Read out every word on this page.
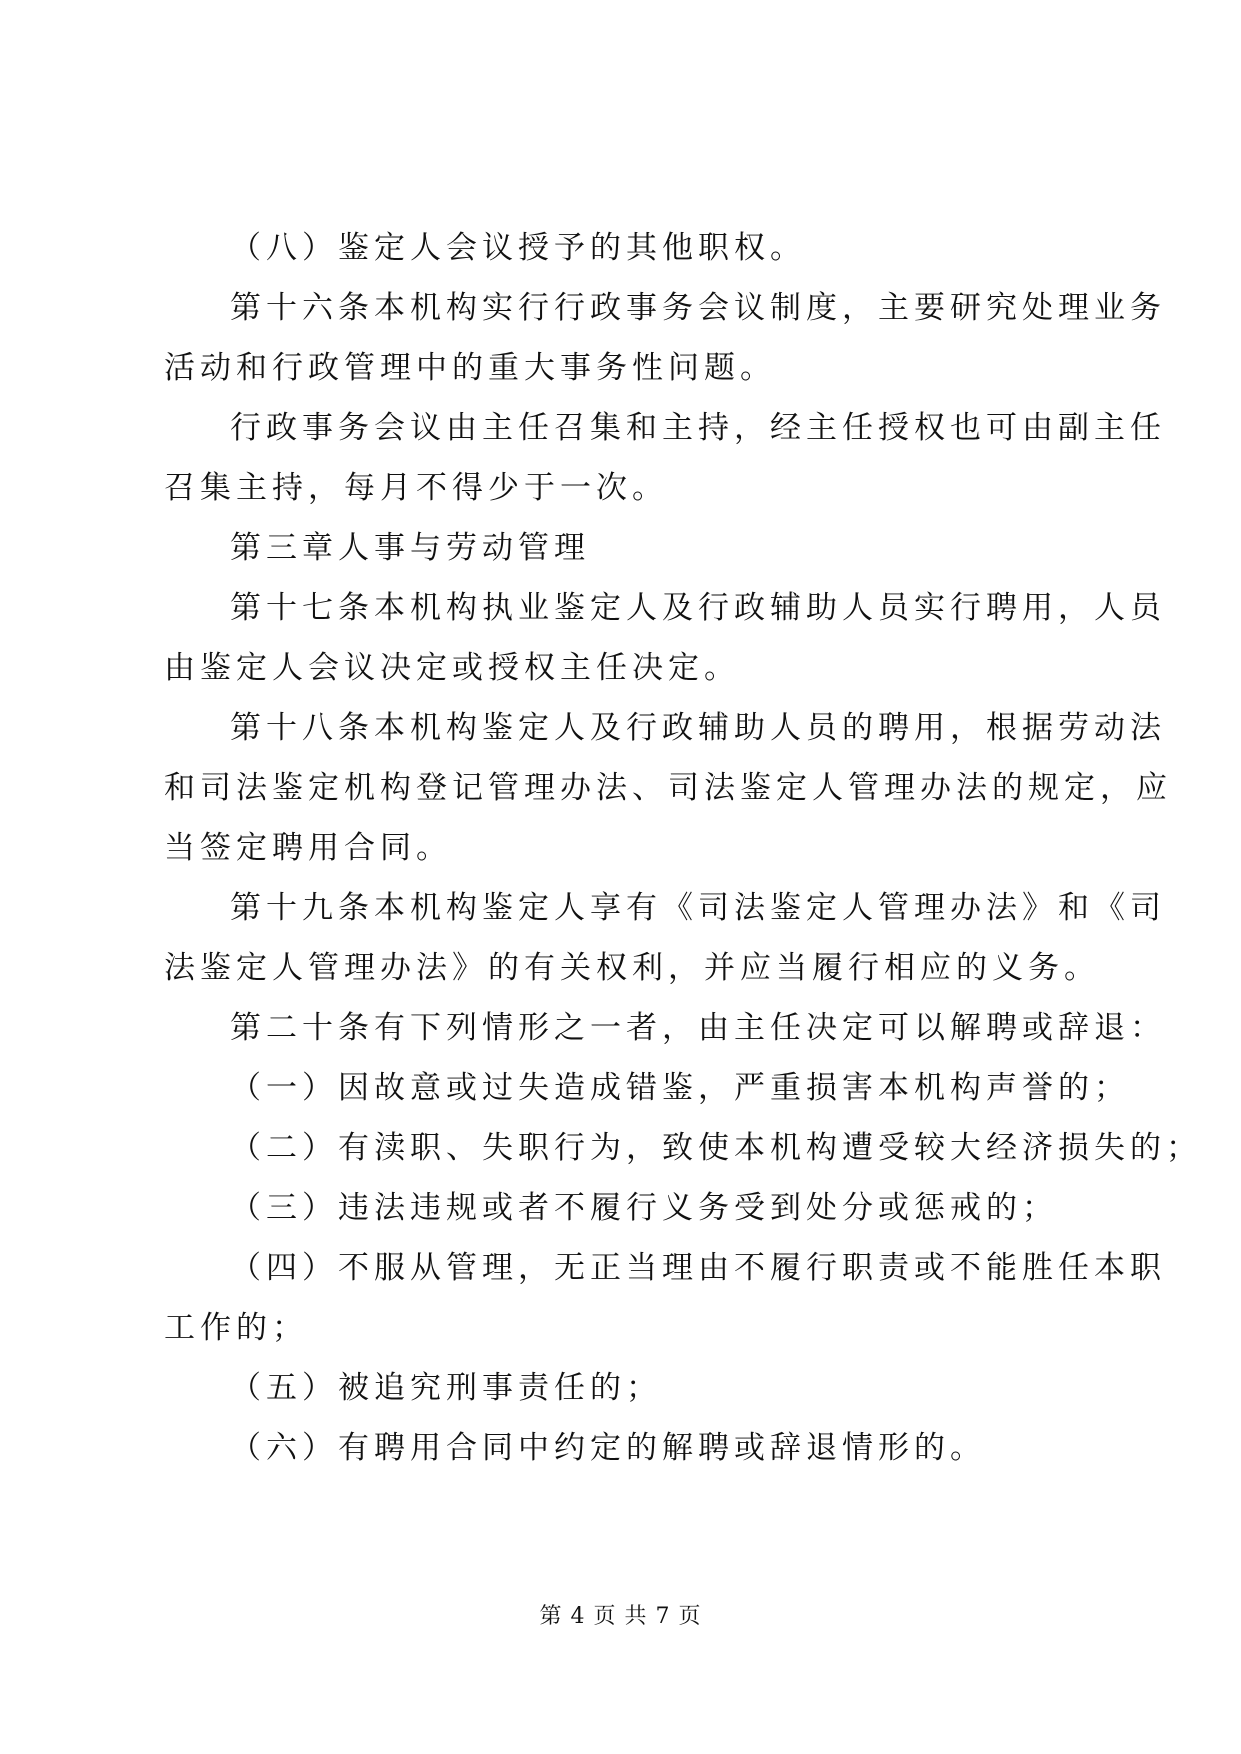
（八）鉴定人会议授予的其他职权。
第十六条本机构实行行政事务会议制度，主要研究处理业务
活动和行政管理中的重大事务性问题。
行政事务会议由主任召集和主持，经主任授权也可由副主任
召集主持，每月不得少于一次。
第三章人事与劳动管理
第十七条本机构执业鉴定人及行政辅助人员实行聘用，人员
由鉴定人会议决定或授权主任决定。
第十八条本机构鉴定人及行政辅助人员的聘用，根据劳动法
和司法鉴定机构登记管理办法、司法鉴定人管理办法的规定，应
当签定聘用合同。
第十九条本机构鉴定人享有《司法鉴定人管理办法》和《司
法鉴定人管理办法》的有关权利，并应当履行相应的义务。
第二十条有下列情形之一者，由主任决定可以解聘或辞退：
（一）因故意或过失造成错鉴，严重损害本机构声誉的；
（二）有渎职、失职行为，致使本机构遭受较大经济损失的；
（三）违法违规或者不履行义务受到处分或惩戒的；
（四）不服从管理，无正当理由不履行职责或不能胜任本职
工作的；
（五）被追究刑事责任的；
（六）有聘用合同中约定的解聘或辞退情形的。
第 4 页 共 7 页
